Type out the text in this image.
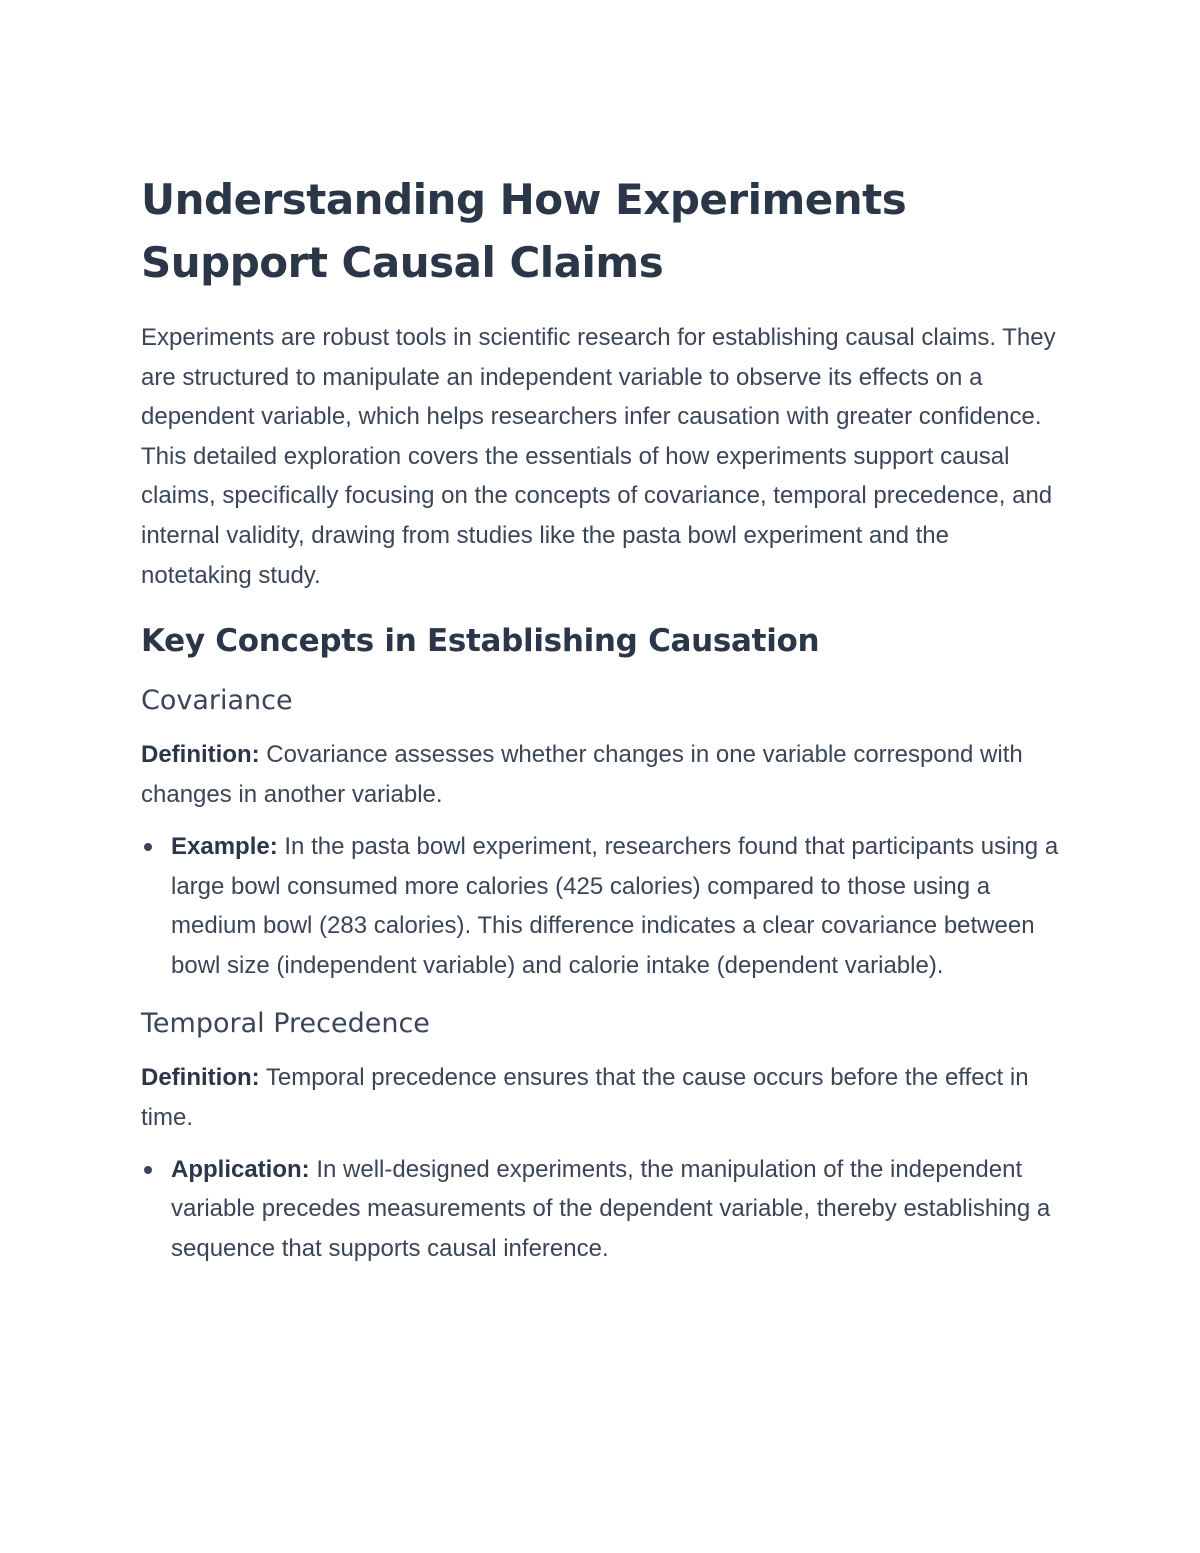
Understanding How Experiments Support Causal Claims

Experiments are robust tools in scientific research for establishing causal claims. They are structured to manipulate an independent variable to observe its effects on a dependent variable, which helps researchers infer causation with greater confidence. This detailed exploration covers the essentials of how experiments support causal claims, specifically focusing on the concepts of covariance, temporal precedence, and internal validity, drawing from studies like the pasta bowl experiment and the notetaking study.

Key Concepts in Establishing Causation
Covariance

Definition: Covariance assesses whether changes in one variable correspond with changes in another variable.

Example: In the pasta bowl experiment, researchers found that participants using a large bowl consumed more calories (425 calories) compared to those using a medium bowl (283 calories). This difference indicates a clear covariance between bowl size (independent variable) and calorie intake (dependent variable).
Temporal Precedence

Definition: Temporal precedence ensures that the cause occurs before the effect in time.

Application: In well-designed experiments, the manipulation of the independent variable precedes measurements of the dependent variable, thereby establishing a sequence that supports causal inference.
